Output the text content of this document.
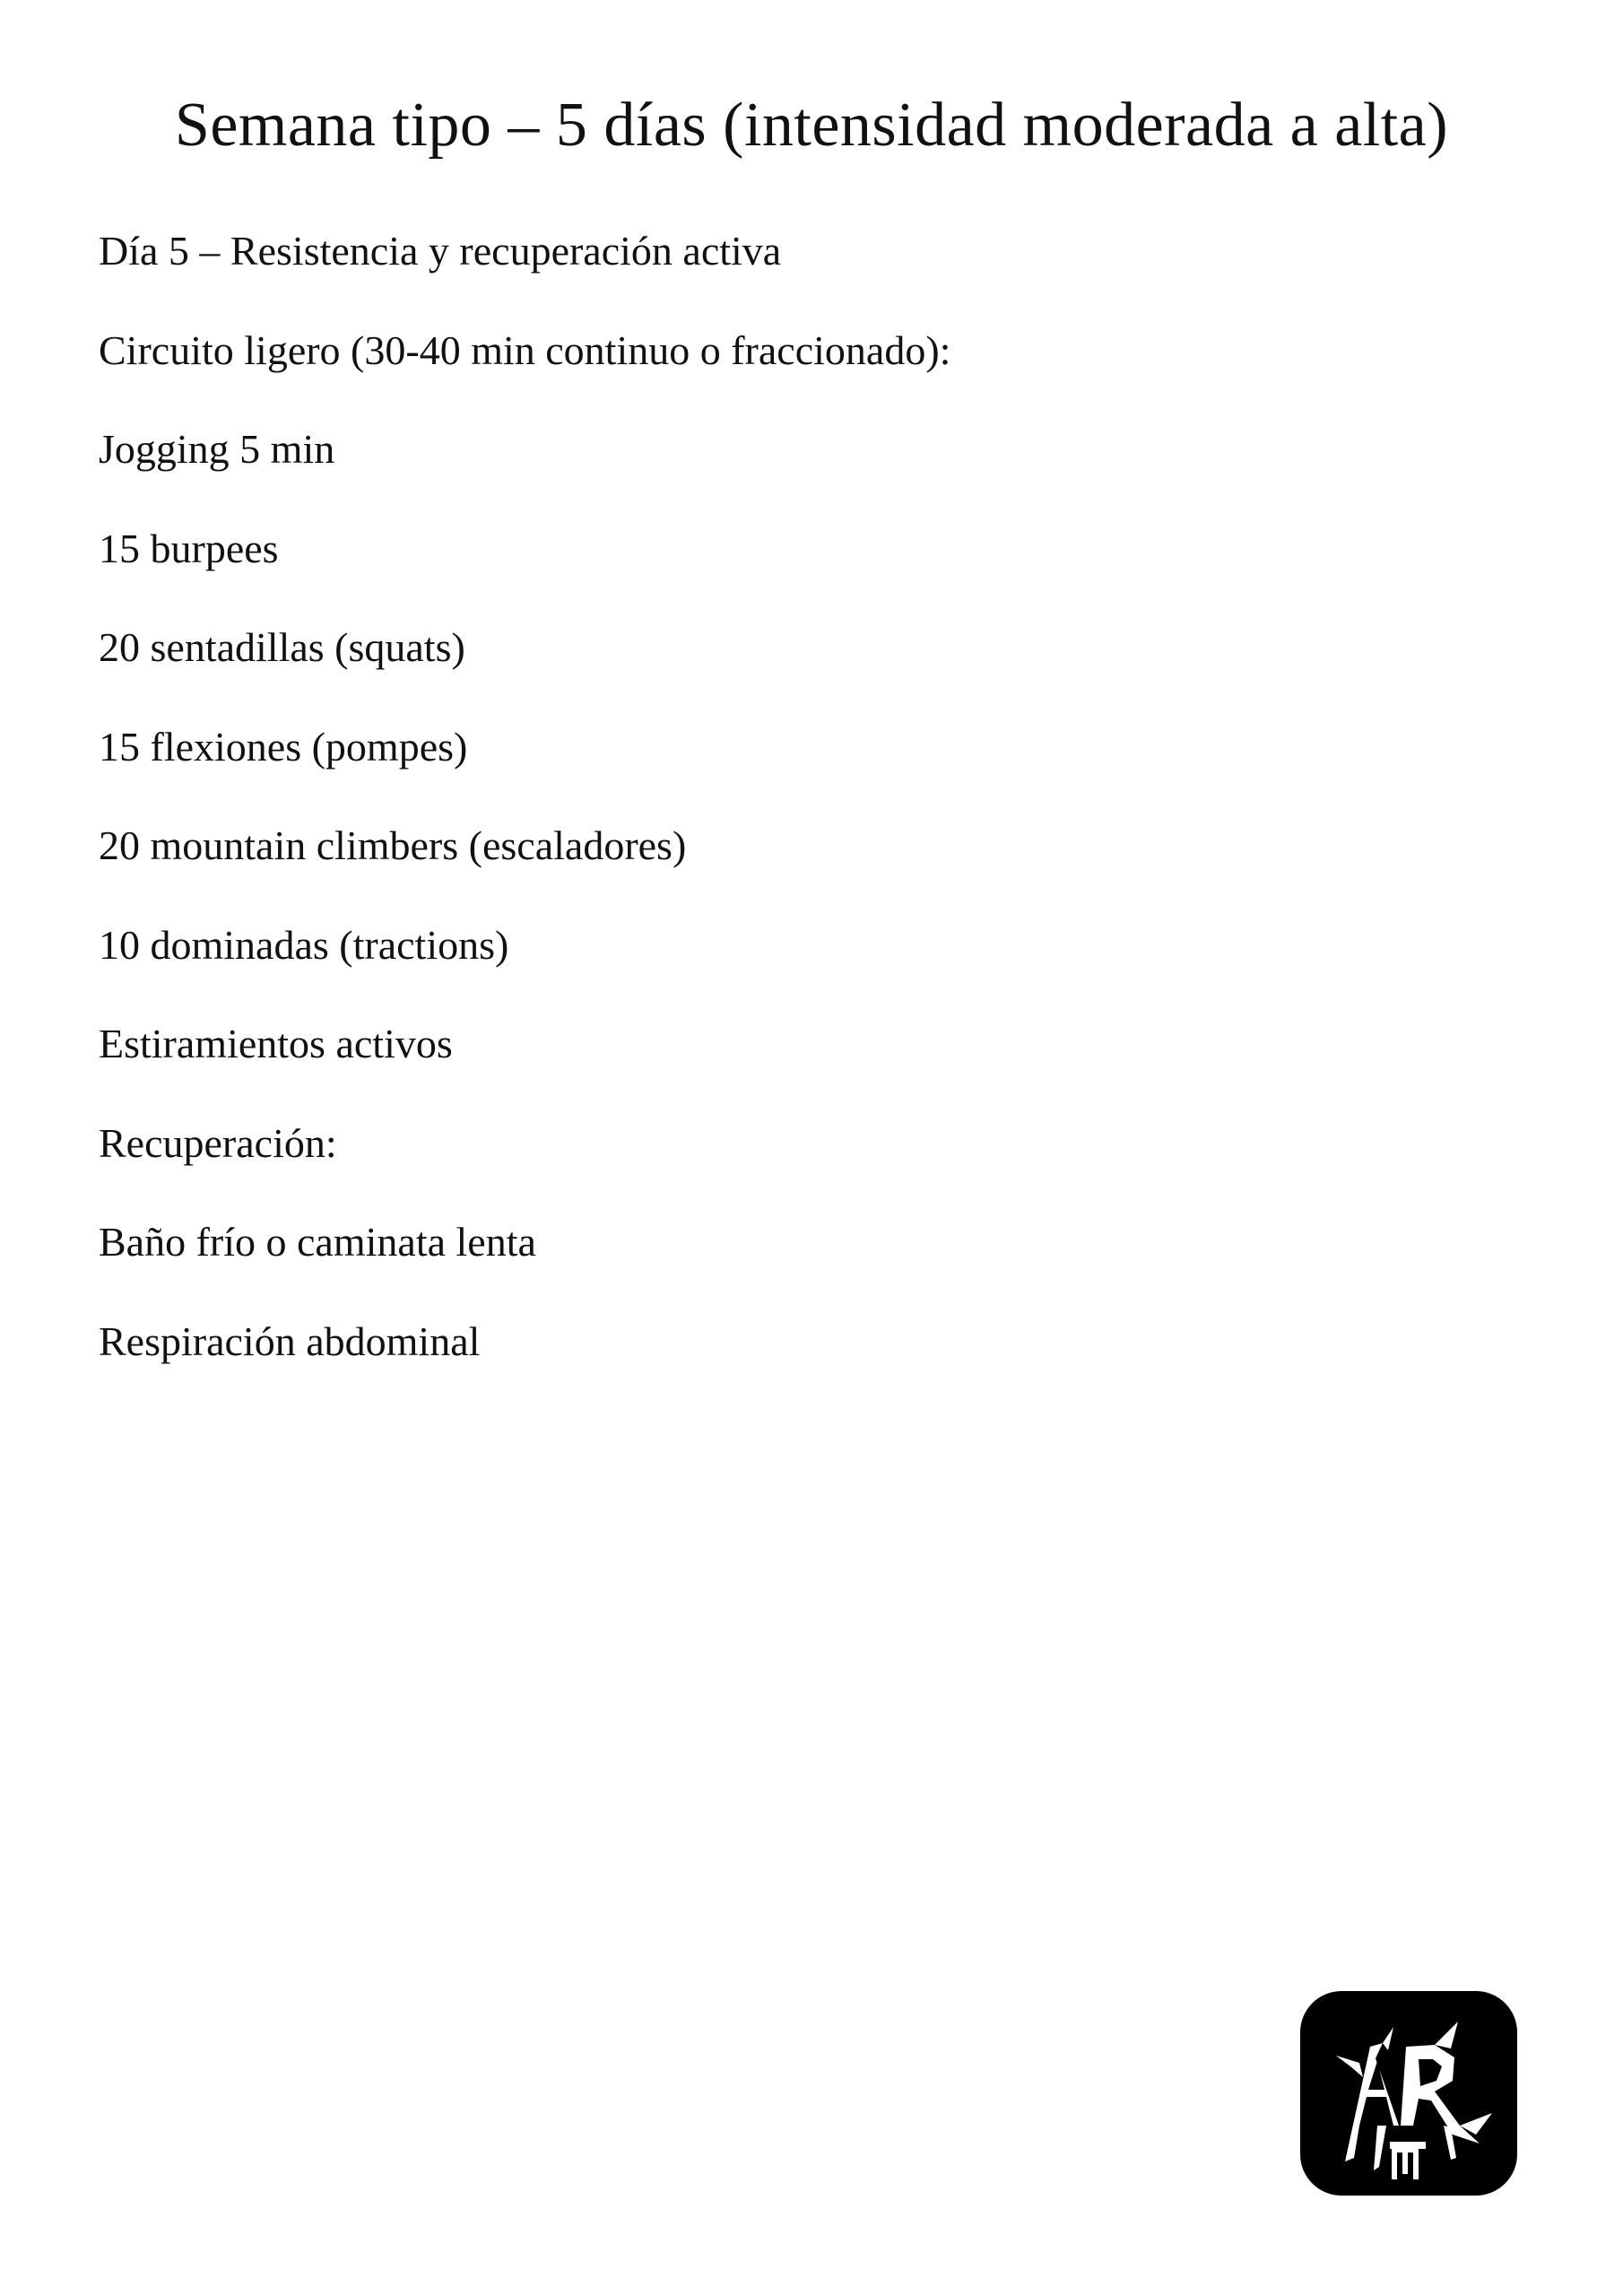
Semana tipo – 5 días (intensidad moderada a alta)
Día 5 – Resistencia y recuperación activa
Circuito ligero (30-40 min continuo o fraccionado):
Jogging 5 min
15 burpees
20 sentadillas (squats)
15 flexiones (pompes)
20 mountain climbers (escaladores)
10 dominadas (tractions)
Estiramientos activos
Recuperación:
Baño frío o caminata lenta
Respiración abdominal
